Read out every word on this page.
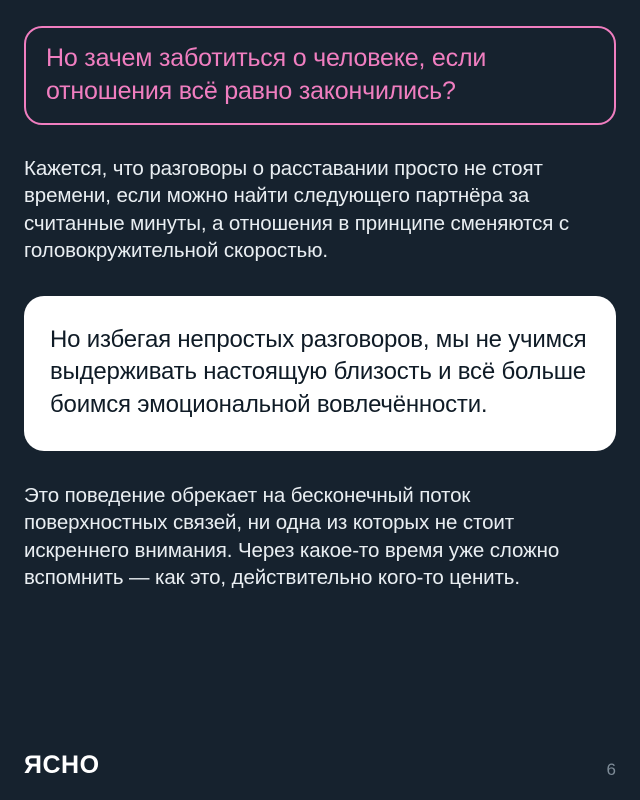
Но зачем заботиться о человеке, если отношения всё равно закончились?

Кажется, что разговоры о расставании просто не стоят времени, если можно найти следующего партнёра за считанные минуты, а отношения в принципе сменяются с головокружительной скоростью.

Но избегая непростых разговоров, мы не учимся выдерживать настоящую близость и всё больше боимся эмоциональной вовлечённости.

Это поведение обрекает на бесконечный поток поверхностных связей, ни одна из которых не стоит искреннего внимания. Через какое-то время уже сложно вспомнить — как это, действительно кого-то ценить.

ЯСНО	6
